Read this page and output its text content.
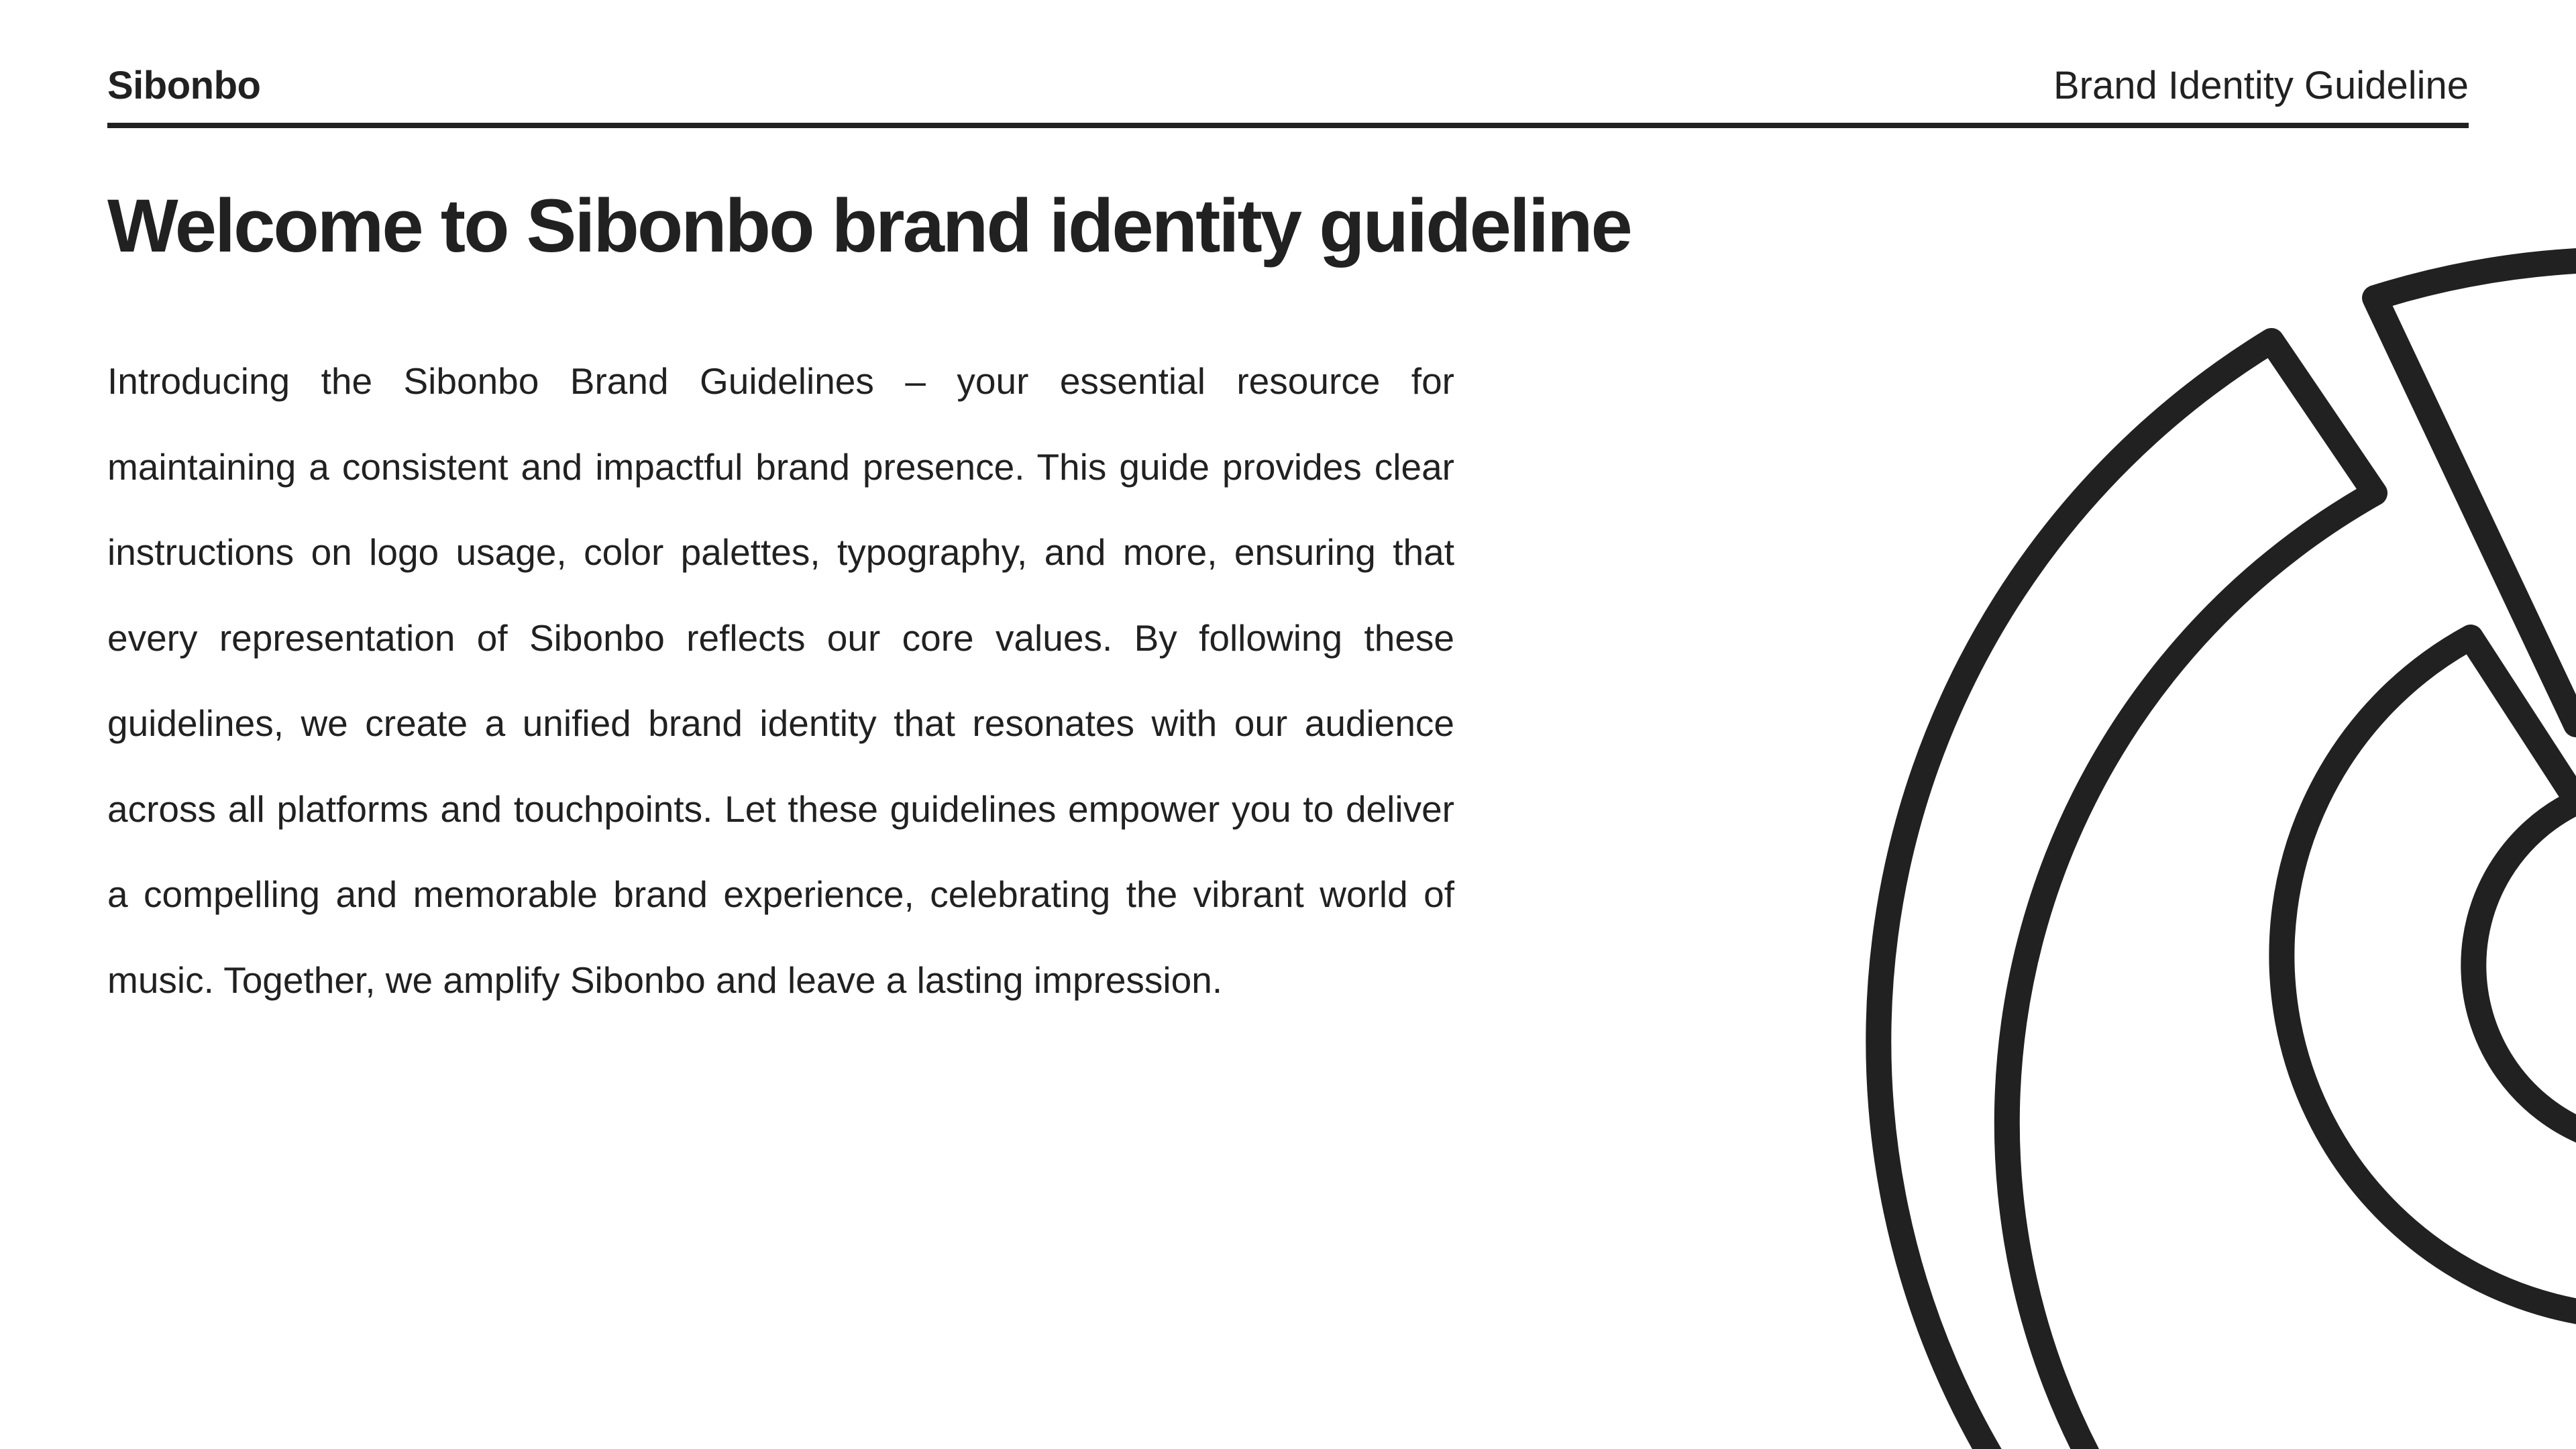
Sibonbo	Brand Identity Guideline
Welcome to Sibonbo brand identity guideline

Introducing the Sibonbo Brand Guidelines – your essential resource for maintaining a consistent and impactful brand presence. This guide provides clear instructions on logo usage, color palettes, typography, and more, ensuring that every representation of Sibonbo reflects our core values. By following these guidelines, we create a unified brand identity that resonates with our audience across all platforms and touchpoints. Let these guidelines empower you to deliver a compelling and memorable brand experience, celebrating the vibrant world of music. Together, we amplify Sibonbo and leave a lasting impression.
